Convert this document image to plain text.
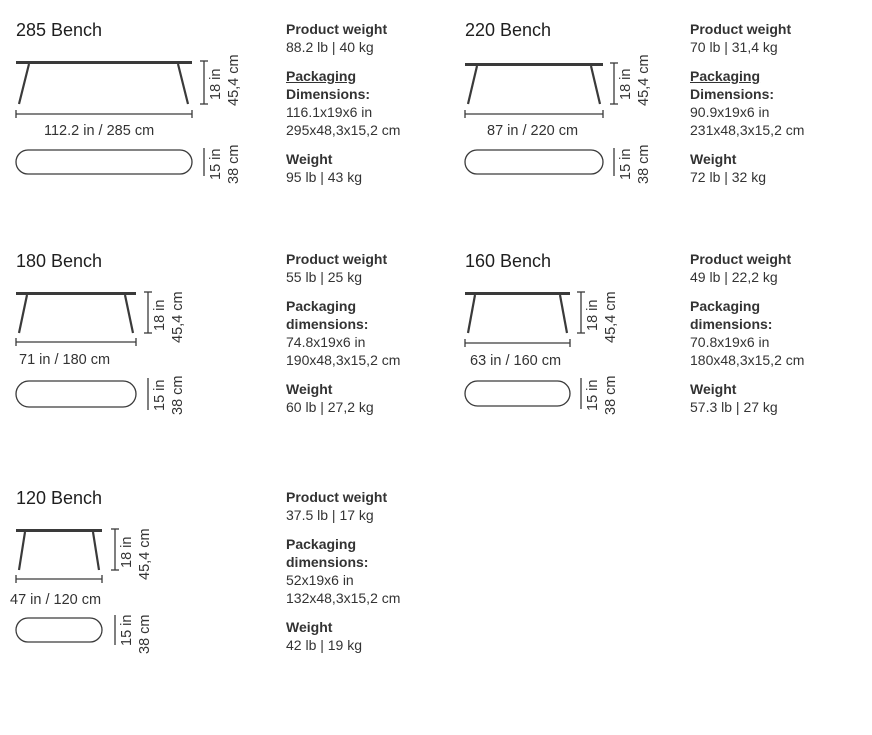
285 Bench
112.2 in / 285 cm
18 in 45,4 cm
15 in 38 cm
Product weight
88.2 lb | 40 kg
Packaging
Dimensions:
116.1x19x6 in
295x48,3x15,2 cm
Weight
95 lb | 43 kg
220 Bench
87 in / 220 cm
18 in 45,4 cm
15 in 38 cm
Product weight
70 lb | 31,4 kg
Packaging
Dimensions:
90.9x19x6 in
231x48,3x15,2 cm
Weight
72 lb | 32 kg
180 Bench
71 in / 180 cm
18 in 45,4 cm
15 in 38 cm
Product weight
55 lb | 25 kg
Packaging
dimensions:
74.8x19x6 in
190x48,3x15,2 cm
Weight
60 lb | 27,2 kg
160 Bench
63 in / 160 cm
18 in 45,4 cm
15 in 38 cm
Product weight
49 lb | 22,2 kg
Packaging
dimensions:
70.8x19x6 in
180x48,3x15,2 cm
Weight
57.3 lb | 27 kg
120 Bench
47 in / 120 cm
18 in 45,4 cm
15 in 38 cm
Product weight
37.5 lb | 17 kg
Packaging
dimensions:
52x19x6 in
132x48,3x15,2 cm
Weight
42 lb | 19 kg
